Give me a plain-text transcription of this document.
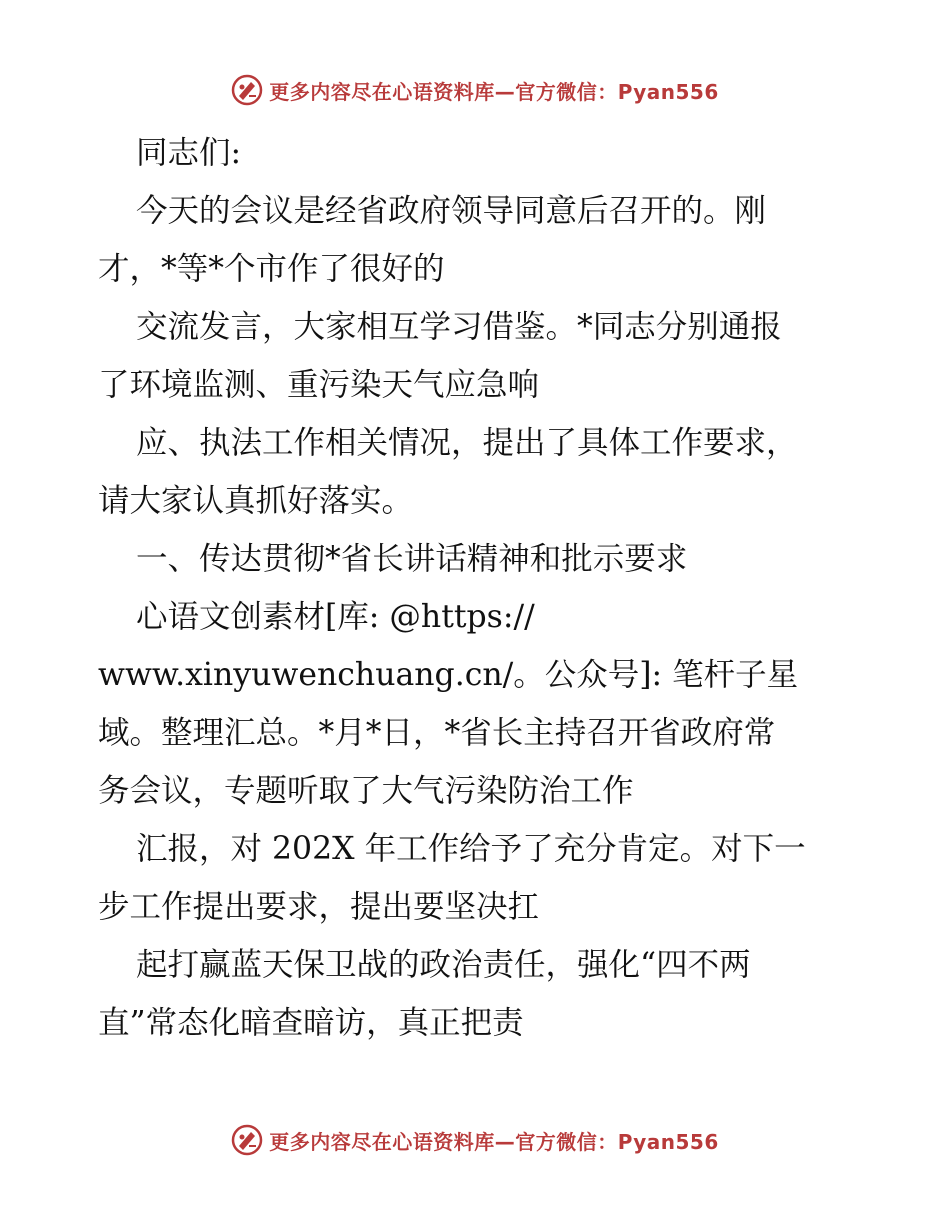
更多内容尽在心语资料库—官方微信：Pyan556
同志们:
今天的会议是经省政府领导同意后召开的。刚
才，*等*个市作了很好的
交流发言，大家相互学习借鉴。*同志分别通报
了环境监测、重污染天气应急响
应、执法工作相关情况，提出了具体工作要求，
请大家认真抓好落实。
一、传达贯彻*省长讲话精神和批示要求
心语文创素材[库: @https://
www.xinyuwenchuang.cn/。公众号]: 笔杆子星
域。整理汇总。*月*日，*省长主持召开省政府常
务会议，专题听取了大气污染防治工作
汇报，对 202X 年工作给予了充分肯定。对下一
步工作提出要求，提出要坚决扛
起打赢蓝天保卫战的政治责任，强化“四不两
直”常态化暗查暗访，真正把责
更多内容尽在心语资料库—官方微信：Pyan556
